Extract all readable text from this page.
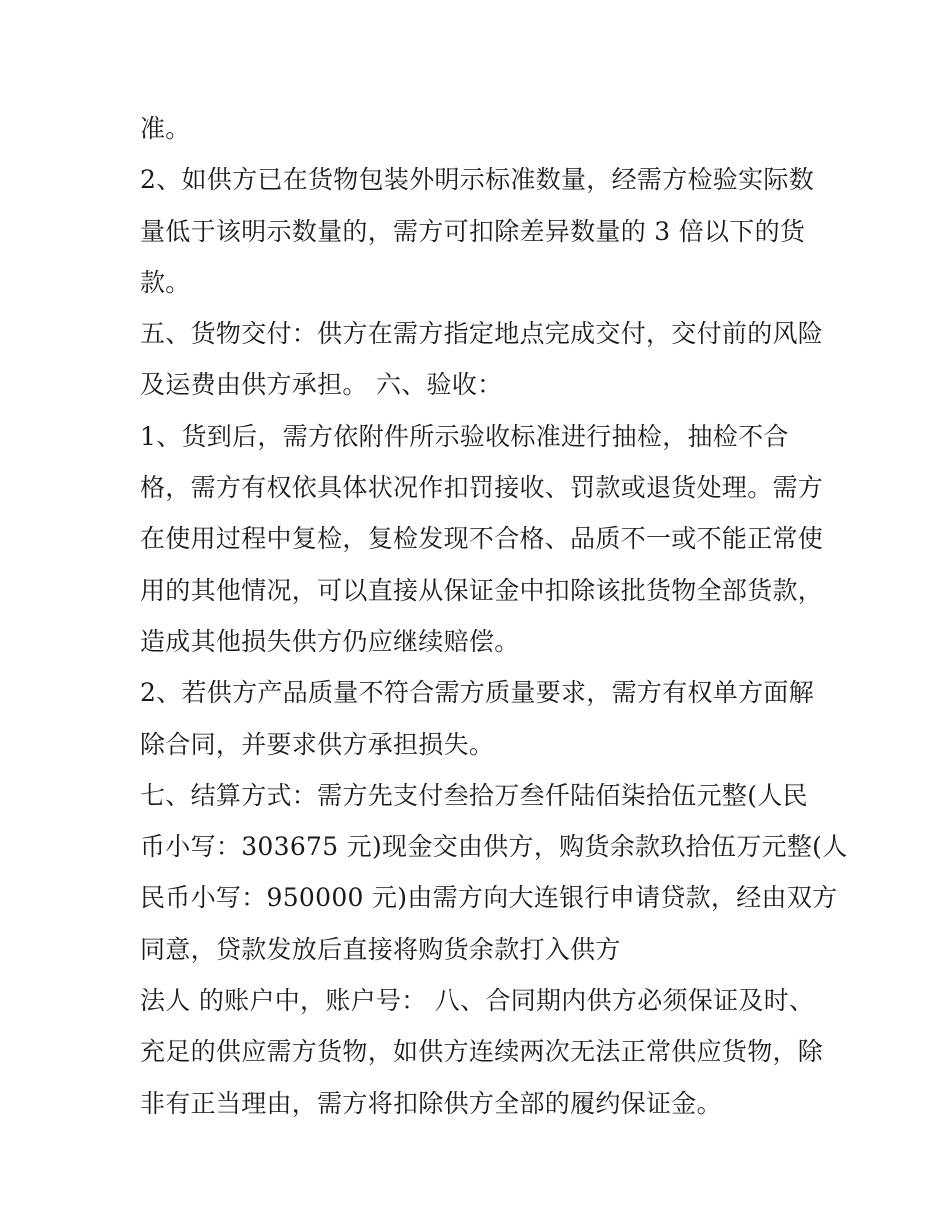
准。
2、如供方已在货物包装外明示标准数量，经需方检验实际数
量低于该明示数量的，需方可扣除差异数量的 3 倍以下的货
款。
五、货物交付：供方在需方指定地点完成交付，交付前的风险
及运费由供方承担。 六、验收：
1、货到后，需方依附件所示验收标准进行抽检，抽检不合
格，需方有权依具体状况作扣罚接收、罚款或退货处理。需方
在使用过程中复检，复检发现不合格、品质不一或不能正常使
用的其他情况，可以直接从保证金中扣除该批货物全部货款，
造成其他损失供方仍应继续赔偿。
2、若供方产品质量不符合需方质量要求，需方有权单方面解
除合同，并要求供方承担损失。
七、结算方式：需方先支付叁拾万叁仟陆佰柒拾伍元整(人民
币小写：303675 元)现金交由供方，购货余款玖拾伍万元整(人
民币小写：950000 元)由需方向大连银行申请贷款，经由双方
同意，贷款发放后直接将购货余款打入供方
法人 的账户中，账户号： 八、合同期内供方必须保证及时、
充足的供应需方货物，如供方连续两次无法正常供应货物，除
非有正当理由，需方将扣除供方全部的履约保证金。
